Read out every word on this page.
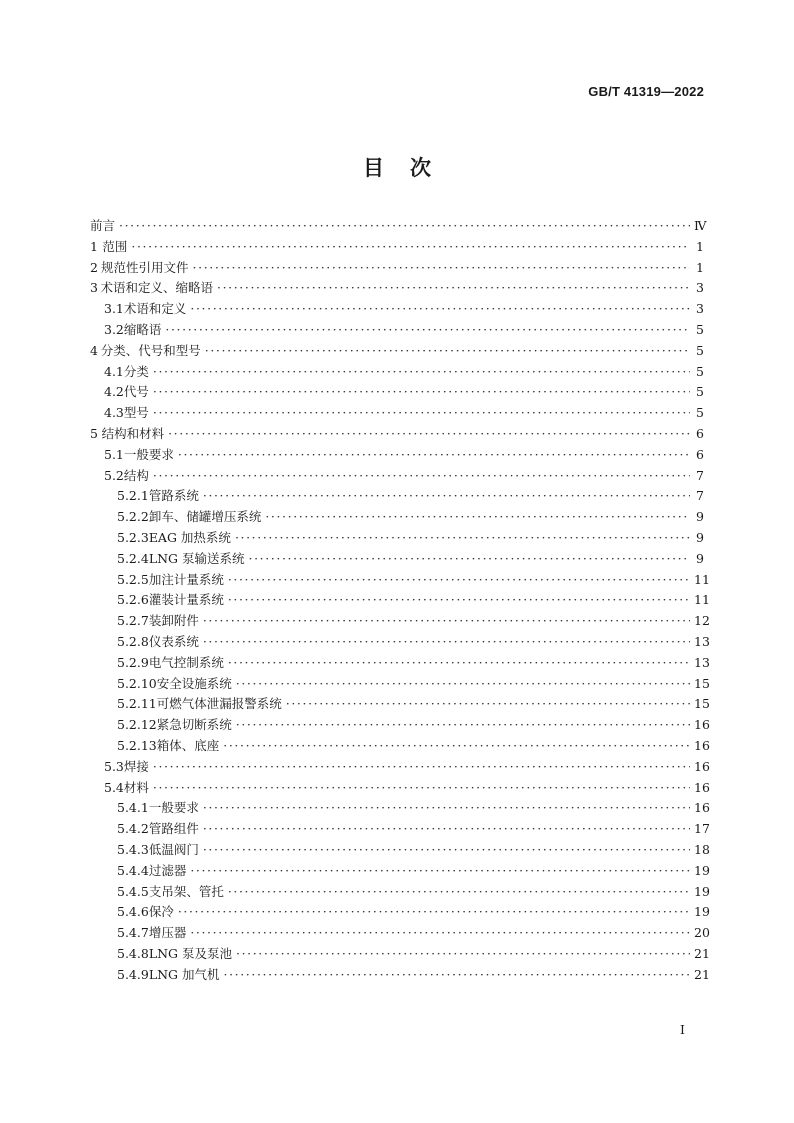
GB/T 41319—2022
目 次
前言 ·····	Ⅳ
1 范围 ·····	1
2 规范性引用文件 ·····	1
3 术语和定义、缩略语 ·····	3
3.1 术语和定义 ·····	3
3.2 缩略语 ·····	5
4 分类、代号和型号 ·····	5
4.1 分类 ·····	5
4.2 代号 ·····	5
4.3 型号 ·····	5
5 结构和材料 ·····	6
5.1 一般要求 ·····	6
5.2 结构 ·····	7
5.2.1 管路系统 ·····	7
5.2.2 卸车、储罐增压系统 ·····	9
5.2.3 EAG 加热系统 ·····	9
5.2.4 LNG 泵输送系统 ·····	9
5.2.5 加注计量系统 ·····	11
5.2.6 灌装计量系统 ·····	11
5.2.7 装卸附件 ·····	12
5.2.8 仪表系统 ·····	13
5.2.9 电气控制系统 ·····	13
5.2.10 安全设施系统 ·····	15
5.2.11 可燃气体泄漏报警系统 ·····	15
5.2.12 紧急切断系统 ·····	16
5.2.13 箱体、底座 ·····	16
5.3 焊接 ·····	16
5.4 材料 ·····	16
5.4.1 一般要求 ·····	16
5.4.2 管路组件 ·····	17
5.4.3 低温阀门 ·····	18
5.4.4 过滤器 ·····	19
5.4.5 支吊架、管托 ·····	19
5.4.6 保冷 ·····	19
5.4.7 增压器 ·····	20
5.4.8 LNG 泵及泵池 ·····	21
5.4.9 LNG 加气机 ·····	21
I
